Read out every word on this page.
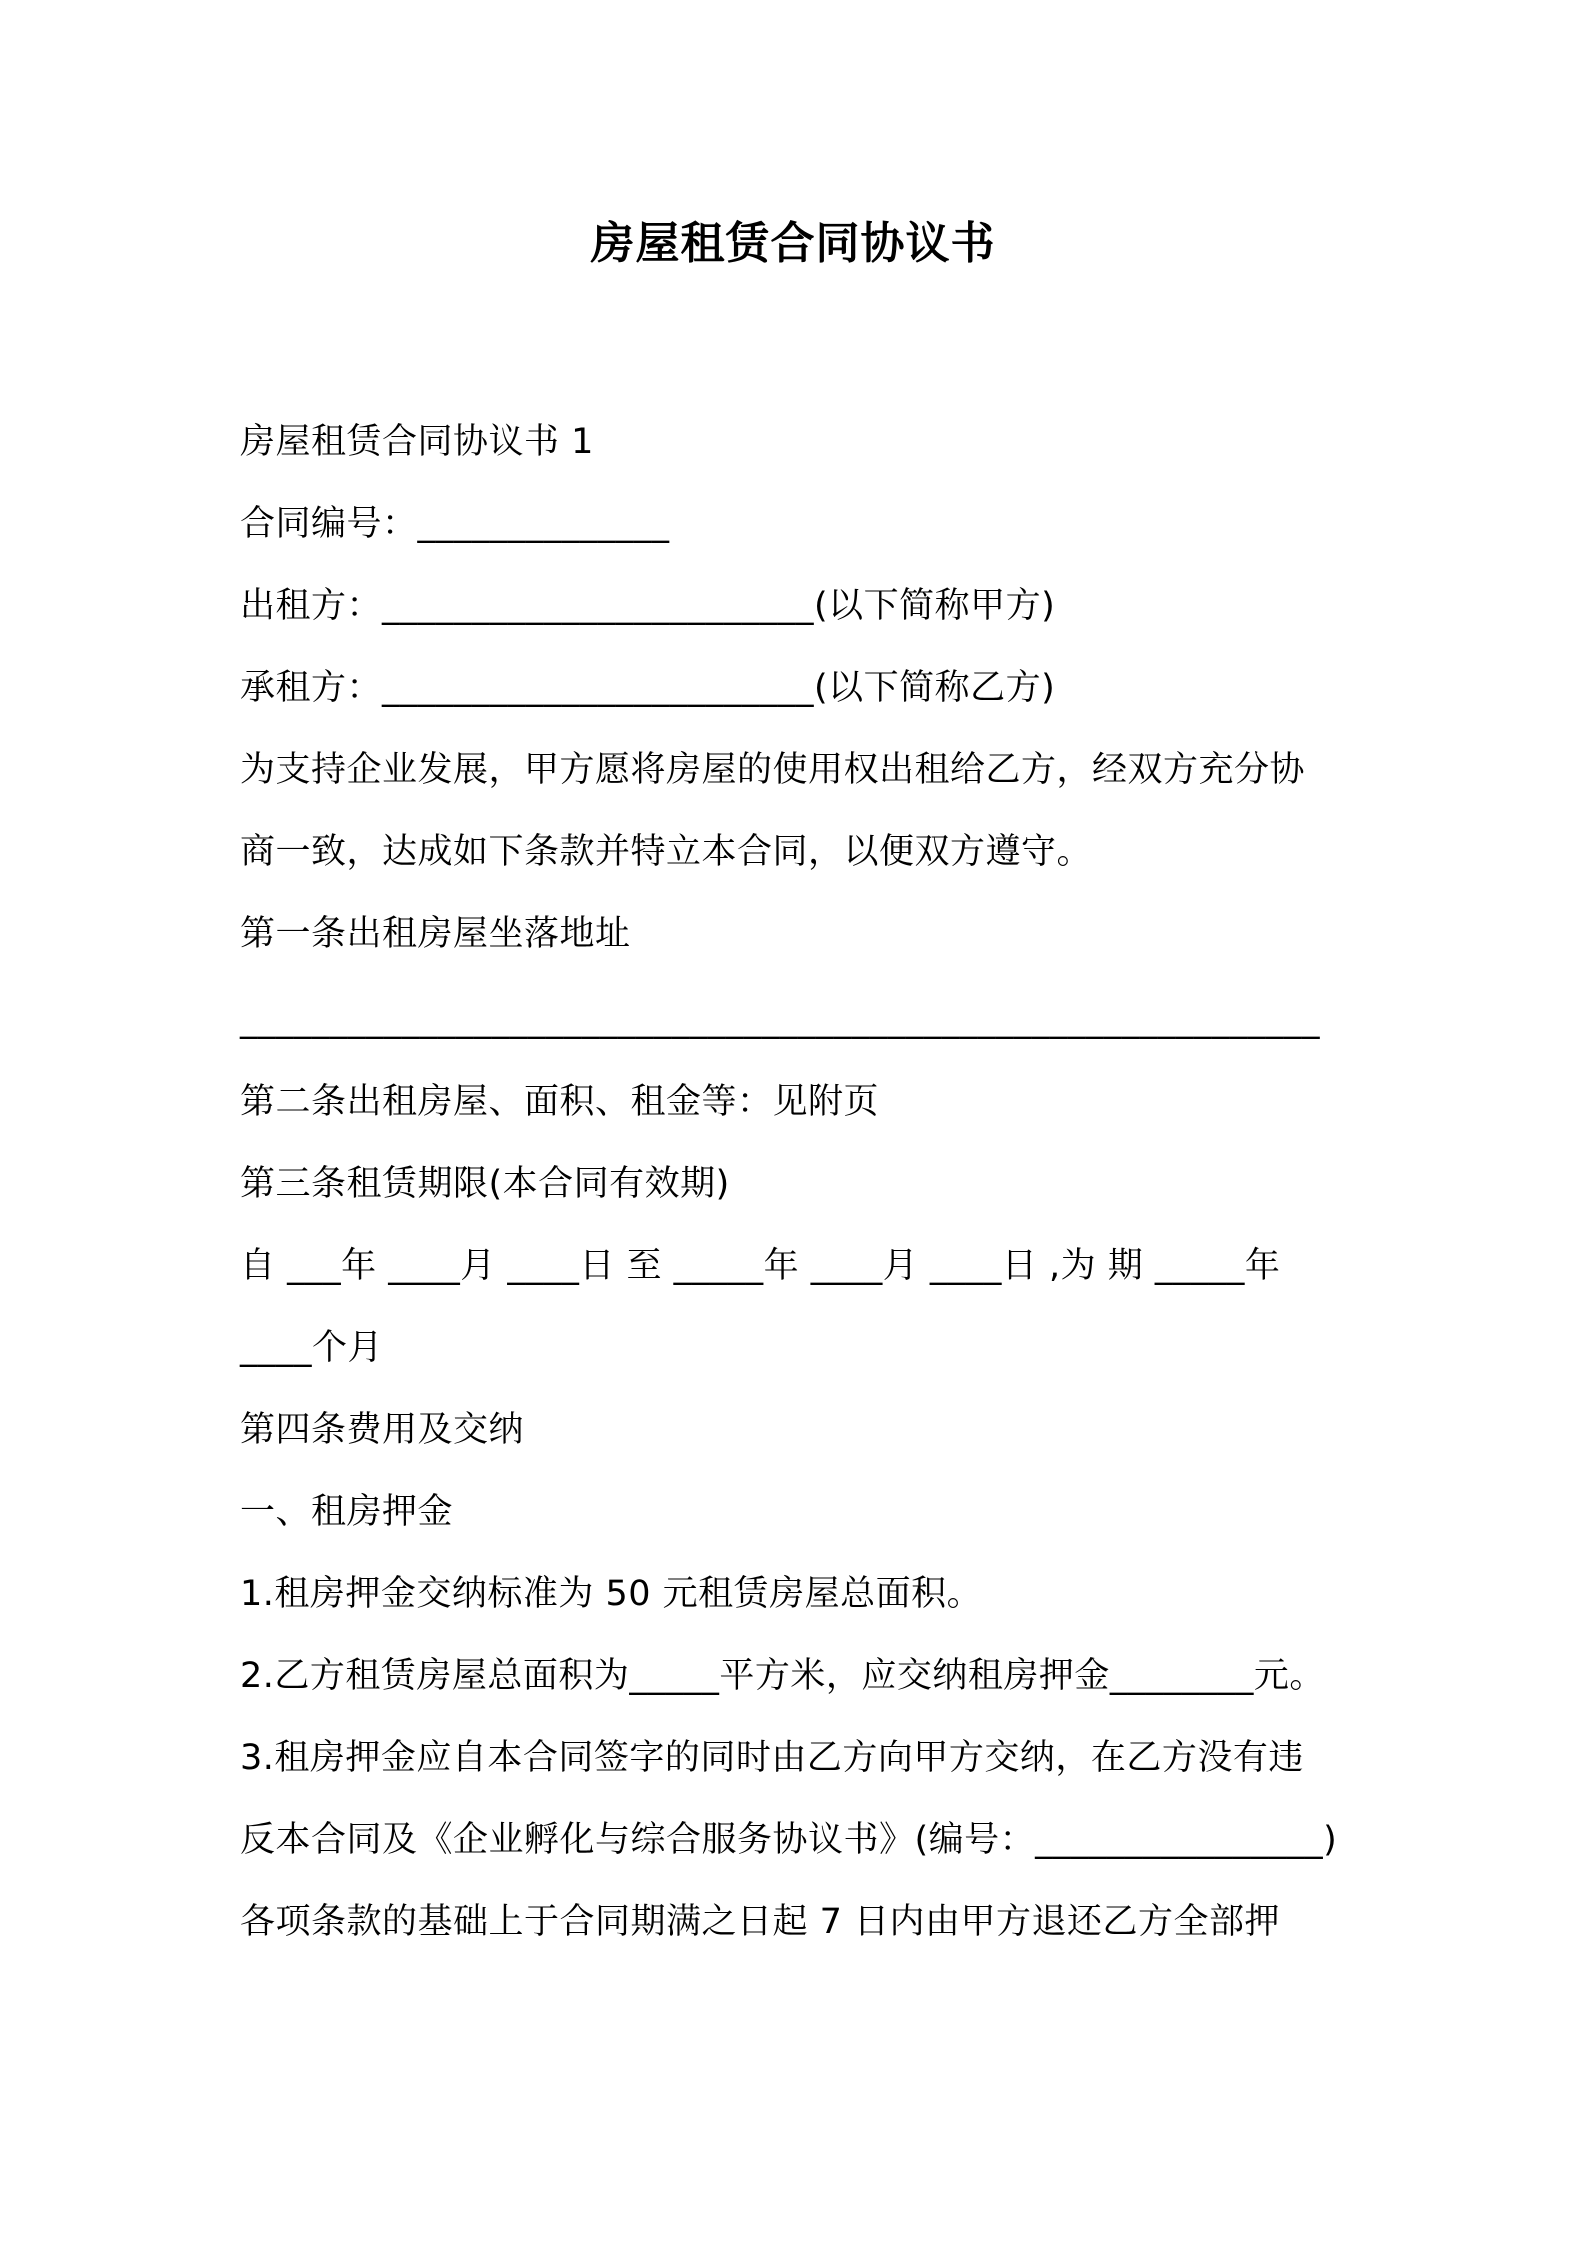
房屋租赁合同协议书
房屋租赁合同协议书 1
合同编号：______________
出租方：________________________(以下简称甲方)
承租方：________________________(以下简称乙方)
为支持企业发展，甲方愿将房屋的使用权出租给乙方，经双方充分协
商一致，达成如下条款并特立本合同，以便双方遵守。
第一条出租房屋坐落地址
____________________________________________________________
第二条出租房屋、面积、租金等：见附页
第三条租赁期限(本合同有效期)
自 ___年 ____月 ____日 至 _____年 ____月 ____日 ,为 期 _____年
____个月
第四条费用及交纳
一、租房押金
1.租房押金交纳标准为 50 元租赁房屋总面积。
2.乙方租赁房屋总面积为_____平方米，应交纳租房押金________元。
3.租房押金应自本合同签字的同时由乙方向甲方交纳，在乙方没有违
反本合同及《企业孵化与综合服务协议书》(编号：________________)
各项条款的基础上于合同期满之日起 7 日内由甲方退还乙方全部押
